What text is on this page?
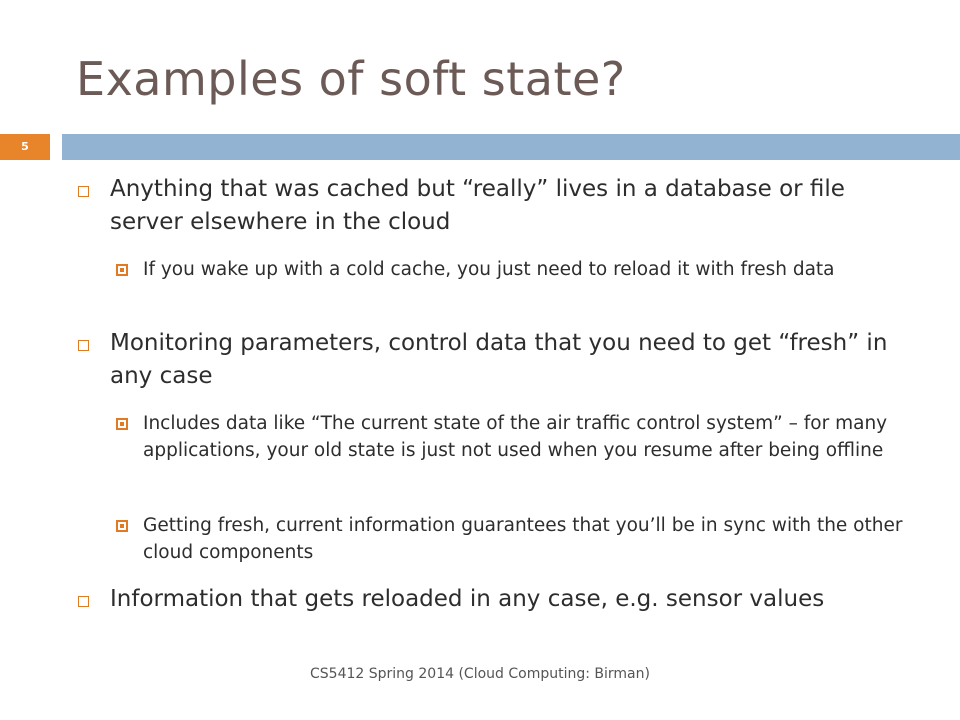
Examples of soft state?
5
Anything that was cached but “really” lives in a database or file server elsewhere in the cloud
If you wake up with a cold cache, you just need to reload it with fresh data
Monitoring parameters, control data that you need to get “fresh” in any case
Includes data like “The current state of the air traffic control system” – for many applications, your old state is just not used when you resume after being offline
Getting fresh, current information guarantees that you’ll be in sync with the other cloud components
Information that gets reloaded in any case, e.g. sensor values
CS5412 Spring 2014 (Cloud Computing: Birman)
